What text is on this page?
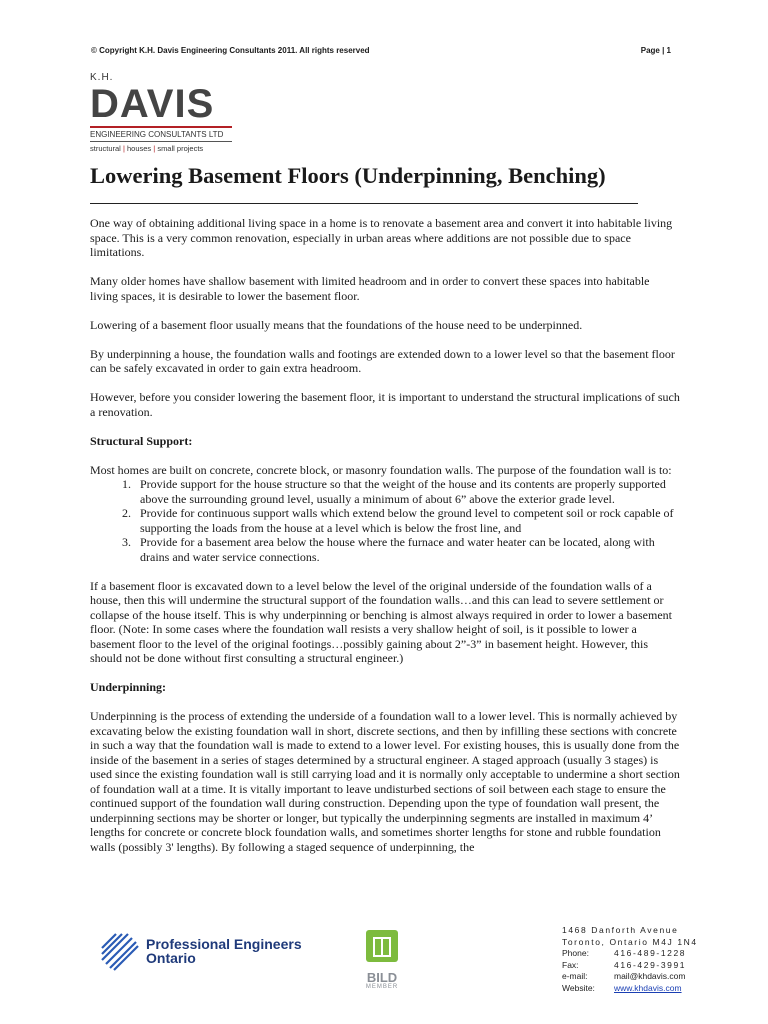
© Copyright K.H. Davis Engineering Consultants 2011. All rights reserved	Page | 1
K.H.
DAVIS
ENGINEERING CONSULTANTS LTD
structural | houses | small projects
Lowering Basement Floors (Underpinning, Benching)

One way of obtaining additional living space in a home is to renovate a basement area and convert it into habitable living space. This is a very common renovation, especially in urban areas where additions are not possible due to space limitations.

Many older homes have shallow basement with limited headroom and in order to convert these spaces into habitable living spaces, it is desirable to lower the basement floor.

Lowering of a basement floor usually means that the foundations of the house need to be underpinned.

By underpinning a house, the foundation walls and footings are extended down to a lower level so that the basement floor can be safely excavated in order to gain extra headroom.

However, before you consider lowering the basement floor, it is important to understand the structural implications of such a renovation.

Structural Support:

Most homes are built on concrete, concrete block, or masonry foundation walls. The purpose of the foundation wall is to:

1. Provide support for the house structure so that the weight of the house and its contents are properly supported above the surrounding ground level, usually a minimum of about 6” above the exterior grade level.
2. Provide for continuous support walls which extend below the ground level to competent soil or rock capable of supporting the loads from the house at a level which is below the frost line, and
3. Provide for a basement area below the house where the furnace and water heater can be located, along with drains and water service connections.

If a basement floor is excavated down to a level below the level of the original underside of the foundation walls of a house, then this will undermine the structural support of the foundation walls…and this can lead to severe settlement or collapse of the house itself. This is why underpinning or benching is almost always required in order to lower a basement floor. (Note: In some cases where the foundation wall resists a very shallow height of soil, is it possible to lower a basement floor to the level of the original footings…possibly gaining about 2”-3” in basement height. However, this should not be done without first consulting a structural engineer.)

Underpinning:

Underpinning is the process of extending the underside of a foundation wall to a lower level. This is normally achieved by excavating below the existing foundation wall in short, discrete sections, and then by infilling these sections with concrete in such a way that the foundation wall is made to extend to a lower level. For existing houses, this is usually done from the inside of the basement in a series of stages determined by a structural engineer. A staged approach (usually 3 stages) is used since the existing foundation wall is still carrying load and it is normally only acceptable to undermine a short section of foundation wall at a time. It is vitally important to leave undisturbed sections of soil between each stage to ensure the continued support of the foundation wall during construction. Depending upon the type of foundation wall present, the underpinning sections may be shorter or longer, but typically the underpinning segments are installed in maximum 4’ lengths for concrete or concrete block foundation walls, and sometimes shorter lengths for stone and rubble foundation walls (possibly 3' lengths). By following a staged sequence of underpinning, the

Professional Engineers
Ontario
BILD
MEMBER
1468 Danforth Avenue
Toronto, Ontario M4J 1N4
Phone:	416-489-1228
Fax:	416-429-3991
e-mail:	mail@khdavis.com
Website:	www.khdavis.com
